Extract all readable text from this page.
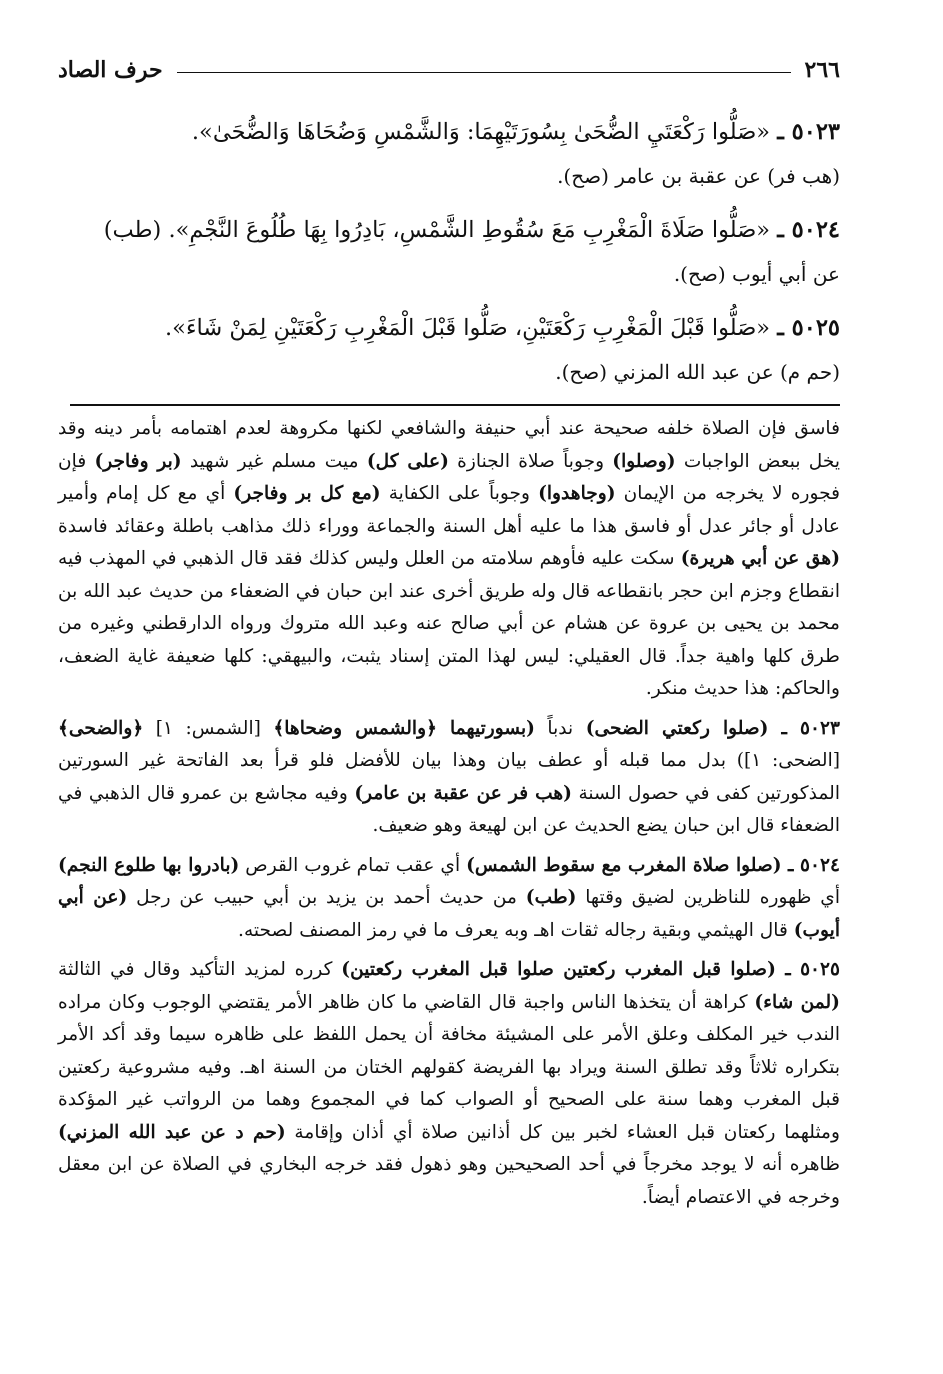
٢٦٦
حرف الصاد
٥٠٢٣ ـ «صَلُّوا رَكْعَتَيِ الضُّحَىٰ بِسُورَتَيْهِمَا: وَالشَّمْسِ وَضُحَاهَا وَالضُّحَىٰ».
(هب فر) عن عقبة بن عامر (صح).
٥٠٢٤ ـ «صَلُّوا صَلَاةَ الْمَغْرِبِ مَعَ سُقُوطِ الشَّمْسِ، بَادِرُوا بِهَا طُلُوعَ النَّجْمِ». (طب)
عن أبي أيوب (صح).
٥٠٢٥ ـ «صَلُّوا قَبْلَ الْمَغْرِبِ رَكْعَتَيْنِ، صَلُّوا قَبْلَ الْمَغْرِبِ رَكْعَتَيْنِ لِمَنْ شَاءَ».
(حم م) عن عبد الله المزني (صح).

فاسق فإن الصلاة خلفه صحيحة عند أبي حنيفة والشافعي لكنها مكروهة لعدم اهتمامه بأمر دينه وقد يخل ببعض الواجبات (وصلوا) وجوباً صلاة الجنازة (على كل) ميت مسلم غير شهيد (بر وفاجر) فإن فجوره لا يخرجه من الإيمان (وجاهدوا) وجوباً على الكفاية (مع كل بر وفاجر) أي مع كل إمام وأمير عادل أو جائر عدل أو فاسق هذا ما عليه أهل السنة والجماعة ووراء ذلك مذاهب باطلة وعقائد فاسدة (هق عن أبي هريرة) سكت عليه فأوهم سلامته من العلل وليس كذلك فقد قال الذهبي في المهذب فيه انقطاع وجزم ابن حجر بانقطاعه قال وله طريق أخرى عند ابن حبان في الضعفاء من حديث عبد الله بن محمد بن يحيى بن عروة عن هشام عن أبي صالح عنه وعبد الله متروك ورواه الدارقطني وغيره من طرق كلها واهية جداً. قال العقيلي: ليس لهذا المتن إسناد يثبت، والبيهقي: كلها ضعيفة غاية الضعف، والحاكم: هذا حديث منكر.

٥٠٢٣ ـ (صلوا ركعتي الضحى) ندباً (بسورتيهما ﴿والشمس وضحاها﴾ [الشمس: ١] ﴿والضحى﴾ [الضحى: ١]) بدل مما قبله أو عطف بيان وهذا بيان للأفضل فلو قرأ بعد الفاتحة غير السورتين المذكورتين كفى في حصول السنة (هب فر عن عقبة بن عامر) وفيه مجاشع بن عمرو قال الذهبي في الضعفاء قال ابن حبان يضع الحديث عن ابن لهيعة وهو ضعيف.

٥٠٢٤ ـ (صلوا صلاة المغرب مع سقوط الشمس) أي عقب تمام غروب القرص (بادروا بها طلوع النجم) أي ظهوره للناظرين لضيق وقتها (طب) من حديث أحمد بن يزيد بن أبي حبيب عن رجل (عن أبي أيوب) قال الهيثمي وبقية رجاله ثقات اهـ وبه يعرف ما في رمز المصنف لصحته.

٥٠٢٥ ـ (صلوا قبل المغرب ركعتين صلوا قبل المغرب ركعتين) كرره لمزيد التأكيد وقال في الثالثة (لمن شاء) كراهة أن يتخذها الناس واجبة قال القاضي ما كان ظاهر الأمر يقتضي الوجوب وكان مراده الندب خير المكلف وعلق الأمر على المشيئة مخافة أن يحمل اللفظ على ظاهره سيما وقد أكد الأمر بتكراره ثلاثاً وقد تطلق السنة ويراد بها الفريضة كقولهم الختان من السنة اهـ. وفيه مشروعية ركعتين قبل المغرب وهما سنة على الصحيح أو الصواب كما في المجموع وهما من الرواتب غير المؤكدة ومثلهما ركعتان قبل العشاء لخبر بين كل أذانين صلاة أي أذان وإقامة (حم د عن عبد الله المزني) ظاهره أنه لا يوجد مخرجاً في أحد الصحيحين وهو ذهول فقد خرجه البخاري في الصلاة عن ابن معقل وخرجه في الاعتصام أيضاً.
